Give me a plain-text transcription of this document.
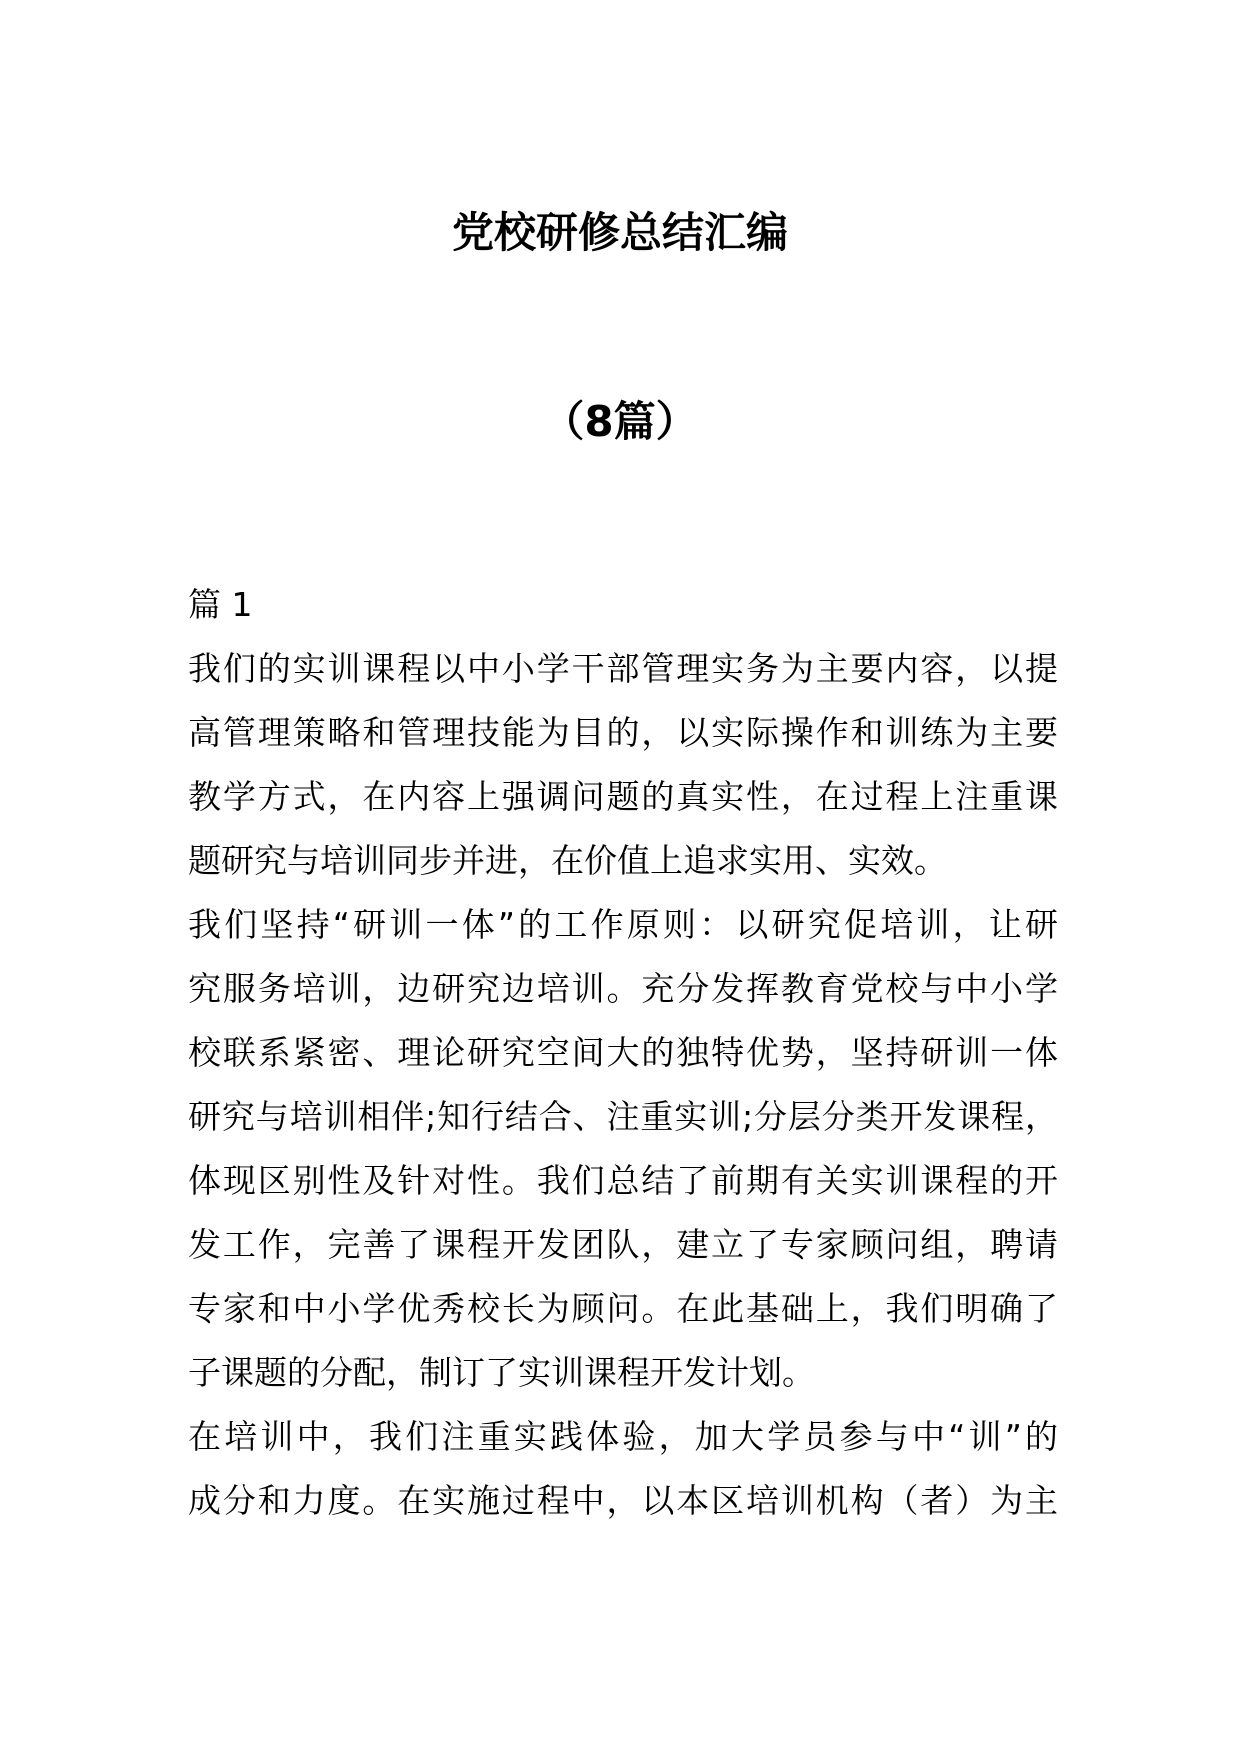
党校研修总结汇编
（8篇）
篇 1
我们的实训课程以中小学干部管理实务为主要内容，以提
高管理策略和管理技能为目的，以实际操作和训练为主要
教学方式，在内容上强调问题的真实性，在过程上注重课
题研究与培训同步并进，在价值上追求实用、实效。
我们坚持“研训一体”的工作原则：以研究促培训，让研
究服务培训，边研究边培训。充分发挥教育党校与中小学
校联系紧密、理论研究空间大的独特优势，坚持研训一体
研究与培训相伴;知行结合、注重实训;分层分类开发课程，
体现区别性及针对性。我们总结了前期有关实训课程的开
发工作，完善了课程开发团队，建立了专家顾问组，聘请
专家和中小学优秀校长为顾问。在此基础上，我们明确了
子课题的分配，制订了实训课程开发计划。
在培训中，我们注重实践体验，加大学员参与中“训”的
成分和力度。在实施过程中，以本区培训机构（者）为主
